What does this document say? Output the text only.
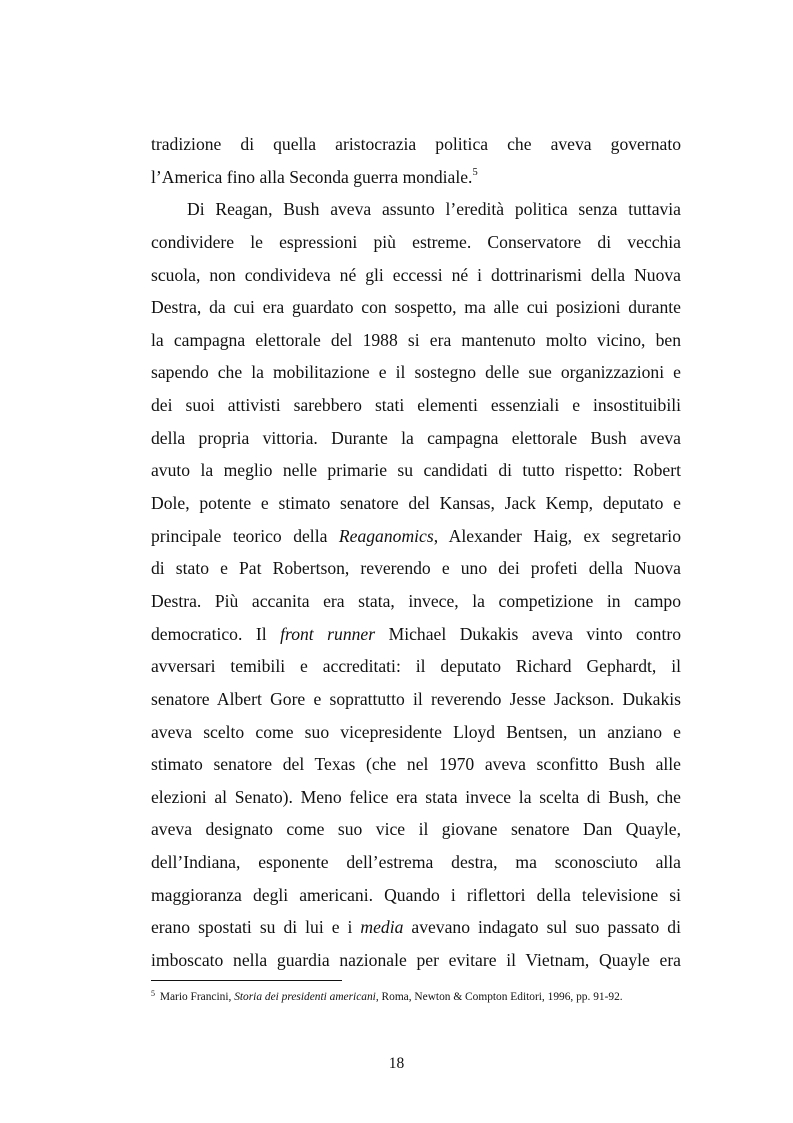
tradizione di quella aristocrazia politica che aveva governato
l’America fino alla Seconda guerra mondiale.$^5$
Di Reagan, Bush aveva assunto l’eredità politica senza tuttavia
condividere le espressioni più estreme. Conservatore di vecchia
scuola, non condivideva né gli eccessi né i dottrinarismi della Nuova
Destra, da cui era guardato con sospetto, ma alle cui posizioni durante
la campagna elettorale del 1988 si era mantenuto molto vicino, ben
sapendo che la mobilitazione e il sostegno delle sue organizzazioni e
dei suoi attivisti sarebbero stati elementi essenziali e insostituibili
della propria vittoria. Durante la campagna elettorale Bush aveva
avuto la meglio nelle primarie su candidati di tutto rispetto: Robert
Dole, potente e stimato senatore del Kansas, Jack Kemp, deputato e
principale teorico della Reaganomics, Alexander Haig, ex segretario
di stato e Pat Robertson, reverendo e uno dei profeti della Nuova
Destra. Più accanita era stata, invece, la competizione in campo
democratico. Il front runner Michael Dukakis aveva vinto contro
avversari temibili e accreditati: il deputato Richard Gephardt, il
senatore Albert Gore e soprattutto il reverendo Jesse Jackson. Dukakis
aveva scelto come suo vicepresidente Lloyd Bentsen, un anziano e
stimato senatore del Texas (che nel 1970 aveva sconfitto Bush alle
elezioni al Senato). Meno felice era stata invece la scelta di Bush, che
aveva designato come suo vice il giovane senatore Dan Quayle,
dell’Indiana, esponente dell’estrema destra, ma sconosciuto alla
maggioranza degli americani. Quando i riflettori della televisione si
erano spostati su di lui e i media avevano indagato sul suo passato di
imboscato nella guardia nazionale per evitare il Vietnam, Quayle era
$^5$ Mario Francini, Storia dei presidenti americani, Roma, Newton & Compton Editori, 1996, pp. 91-92.
18
